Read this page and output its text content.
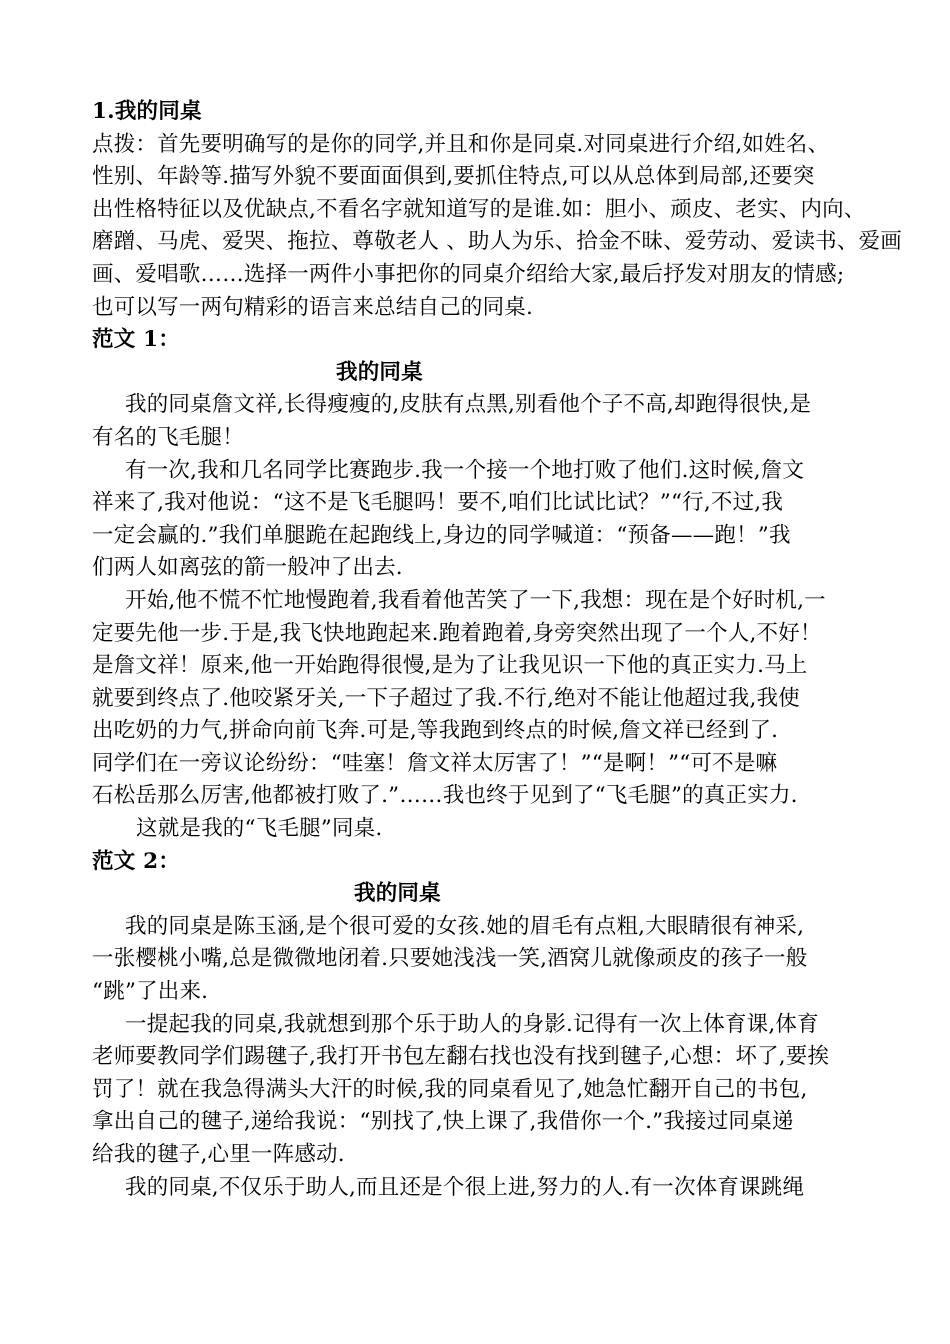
1.我的同桌
点拨：首先要明确写的是你的同学,并且和你是同桌.对同桌进行介绍,如姓名、
性别、年龄等.描写外貌不要面面俱到,要抓住特点,可以从总体到局部,还要突
出性格特征以及优缺点,不看名字就知道写的是谁.如：胆小、顽皮、老实、内向、
磨蹭、马虎、爱哭、拖拉、尊敬老人 、助人为乐、拾金不昧、爱劳动、爱读书、爱画
画、爱唱歌……选择一两件小事把你的同桌介绍给大家,最后抒发对朋友的情感;
也可以写一两句精彩的语言来总结自己的同桌.
范文 1：
我的同桌
我的同桌詹文祥,长得瘦瘦的,皮肤有点黑,别看他个子不高,却跑得很快,是
有名的飞毛腿！
有一次,我和几名同学比赛跑步.我一个接一个地打败了他们.这时候,詹文
祥来了,我对他说：“这不是飞毛腿吗！要不,咱们比试比试？”“行,不过,我
一定会赢的.”我们单腿跪在起跑线上,身边的同学喊道：“预备——跑！”我
们两人如离弦的箭一般冲了出去.
开始,他不慌不忙地慢跑着,我看着他苦笑了一下,我想：现在是个好时机,一
定要先他一步.于是,我飞快地跑起来.跑着跑着,身旁突然出现了一个人,不好！
是詹文祥！原来,他一开始跑得很慢,是为了让我见识一下他的真正实力.马上
就要到终点了.他咬紧牙关,一下子超过了我.不行,绝对不能让他超过我,我使
出吃奶的力气,拼命向前飞奔.可是,等我跑到终点的时候,詹文祥已经到了.
同学们在一旁议论纷纷：“哇塞！詹文祥太厉害了！”“是啊！”“可不是嘛
石松岳那么厉害,他都被打败了.”……我也终于见到了“飞毛腿”的真正实力.
这就是我的“飞毛腿”同桌.
范文 2：
我的同桌
我的同桌是陈玉涵,是个很可爱的女孩.她的眉毛有点粗,大眼睛很有神采,
一张樱桃小嘴,总是微微地闭着.只要她浅浅一笑,酒窝儿就像顽皮的孩子一般
“跳”了出来.
一提起我的同桌,我就想到那个乐于助人的身影.记得有一次上体育课,体育
老师要教同学们踢毽子,我打开书包左翻右找也没有找到毽子,心想：坏了,要挨
罚了！就在我急得满头大汗的时候,我的同桌看见了,她急忙翻开自己的书包,
拿出自己的毽子,递给我说：“别找了,快上课了,我借你一个.”我接过同桌递
给我的毽子,心里一阵感动.
我的同桌,不仅乐于助人,而且还是个很上进,努力的人.有一次体育课跳绳
